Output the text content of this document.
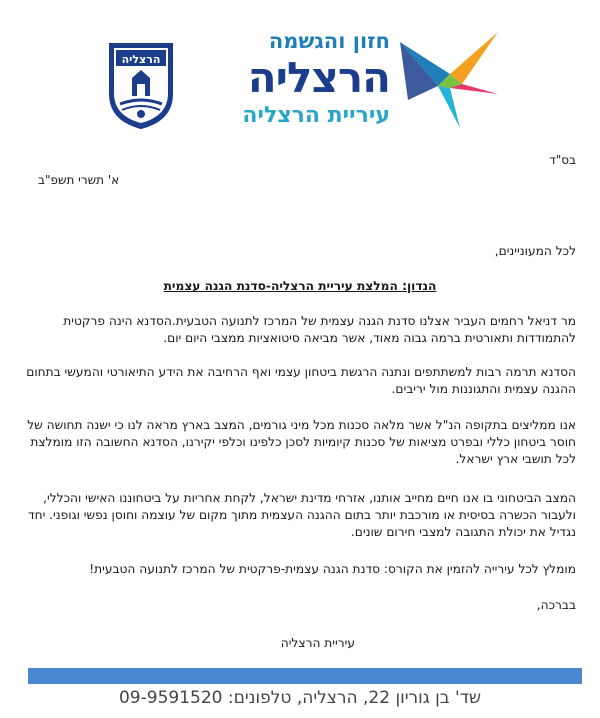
הרצליה
חזון והגשמה
הרצליה
עיריית הרצליה
בס"ד
א' תשרי תשפ"ב
לכל המעוניינים,
הנדון: המלצת עיריית הרצליה-סדנת הגנה עצמית

מר דניאל רחמים העביר אצלנו סדנת הגנה עצמית של המרכז לתנועה הטבעית.הסדנא הינה פרקטית להתמודדות ותאורטית ברמה גבוה מאוד, אשר מביאה סיטואציות ממצבי היום יום.

הסדנא תרמה רבות למשתתפים ונתנה הרגשת ביטחון עצמי ואף הרחיבה את הידע התיאורטי והמעשי בתחום ההגנה עצמית והתגוננות מול יריבים.

אנו ממליצים בתקופה הנ"ל אשר מלאה סכנות מכל מיני גורמים, המצב בארץ מראה לנו כי ישנה תחושה של חוסר ביטחון כללי ובפרט מציאות של סכנות קיומיות לסכן כלפינו וכלפי יקירנו, הסדנא החשובה הזו מומלצת לכל תושבי ארץ ישראל.

המצב הביטחוני בו אנו חיים מחייב אותנו, אזרחי מדינת ישראל, לקחת אחריות על ביטחוננו האישי והכללי, ולעבור הכשרה בסיסית או מורכבת יותר בתום ההגנה העצמית מתוך מקום של עוצמה וחוסן נפשי וגופני. יחד נגדיל את יכולת התגובה למצבי חירום שונים.

מומלץ לכל עירייה להזמין את הקורס: סדנת הגנה עצמית-פרקטית של המרכז לתנועה הטבעית!

בברכה,
עיריית הרצליה
שד' בן גוריון 22, הרצליה, טלפונים: 09-9591520
